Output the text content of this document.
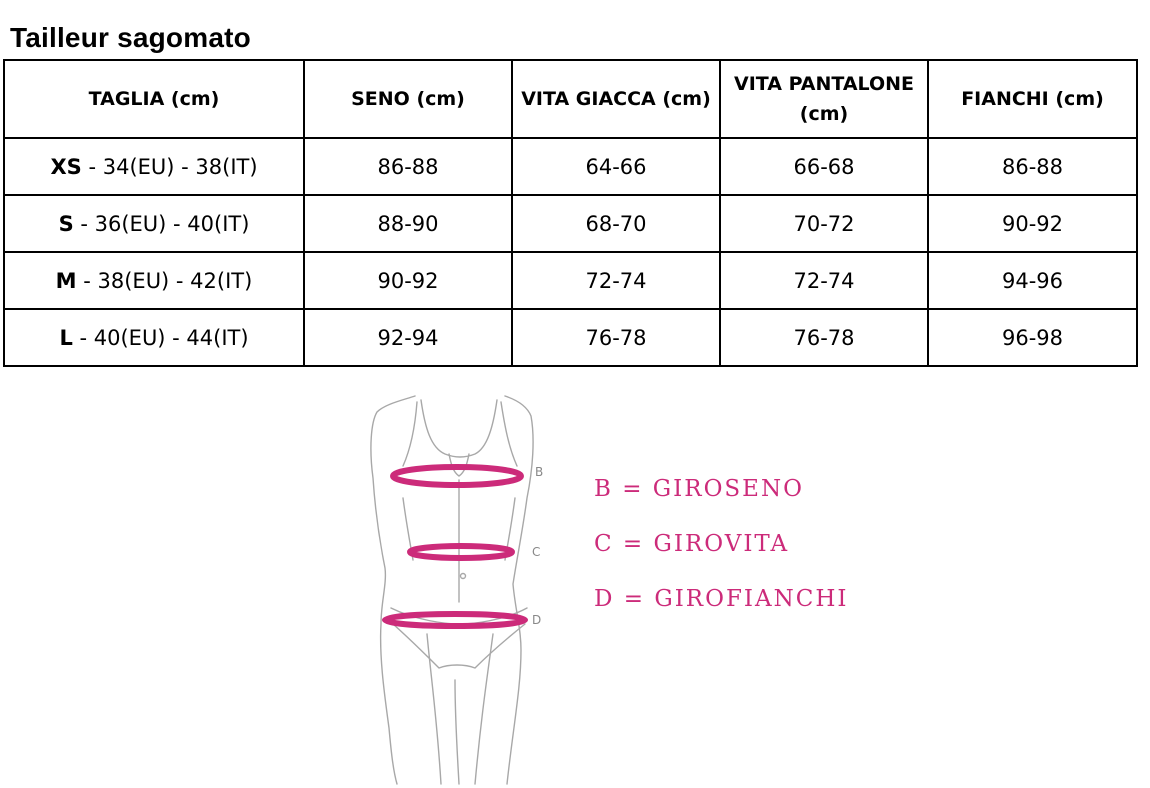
Tailleur sagomato
TAGLIA (cm)	SENO (cm)	VITA GIACCA (cm)	VITA PANTALONE (cm)	FIANCHI (cm)
XS - 34(EU) - 38(IT)	86-88	64-66	66-68	86-88
S - 36(EU) - 40(IT)	88-90	68-70	70-72	90-92
M - 38(EU) - 42(IT)	90-92	72-74	72-74	94-96
L - 40(EU) - 44(IT)	92-94	76-78	76-78	96-98
B
C
D
B = GIROSENO
C = GIROVITA
D = GIROFIANCHI
